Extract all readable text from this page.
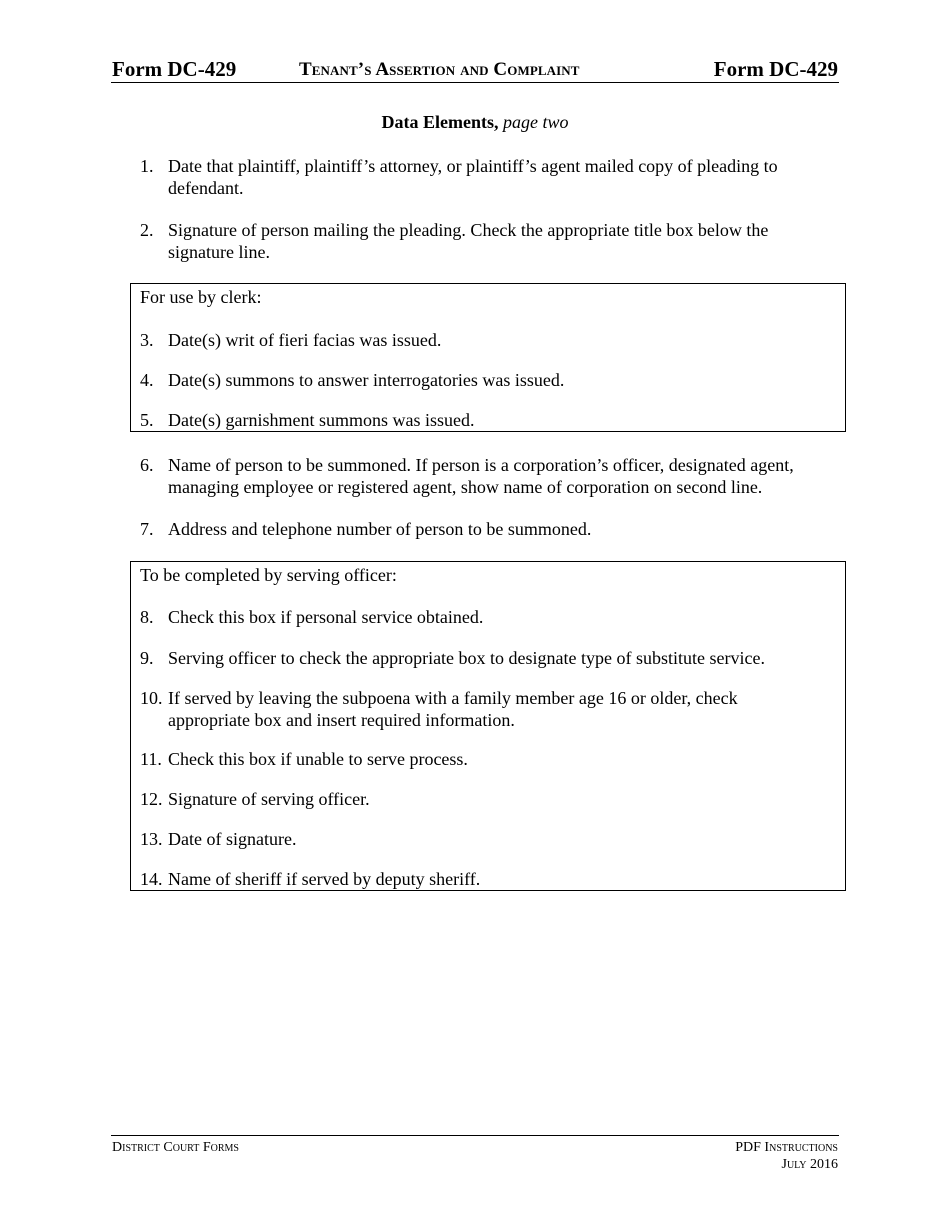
Form DC-429	Tenant’s Assertion and Complaint	Form DC-429
Data Elements, page two
1. Date that plaintiff, plaintiff’s attorney, or plaintiff’s agent mailed copy of pleading to defendant.
2. Signature of person mailing the pleading. Check the appropriate title box below the signature line.
For use by clerk:
3. Date(s) writ of fieri facias was issued.
4. Date(s) summons to answer interrogatories was issued.
5. Date(s) garnishment summons was issued.
6. Name of person to be summoned. If person is a corporation’s officer, designated agent, managing employee or registered agent, show name of corporation on second line.
7. Address and telephone number of person to be summoned.
To be completed by serving officer:
8. Check this box if personal service obtained.
9. Serving officer to check the appropriate box to designate type of substitute service.
10. If served by leaving the subpoena with a family member age 16 or older, check appropriate box and insert required information.
11. Check this box if unable to serve process.
12. Signature of serving officer.
13. Date of signature.
14. Name of sheriff if served by deputy sheriff.
District Court Forms	PDF Instructions
July 2016
